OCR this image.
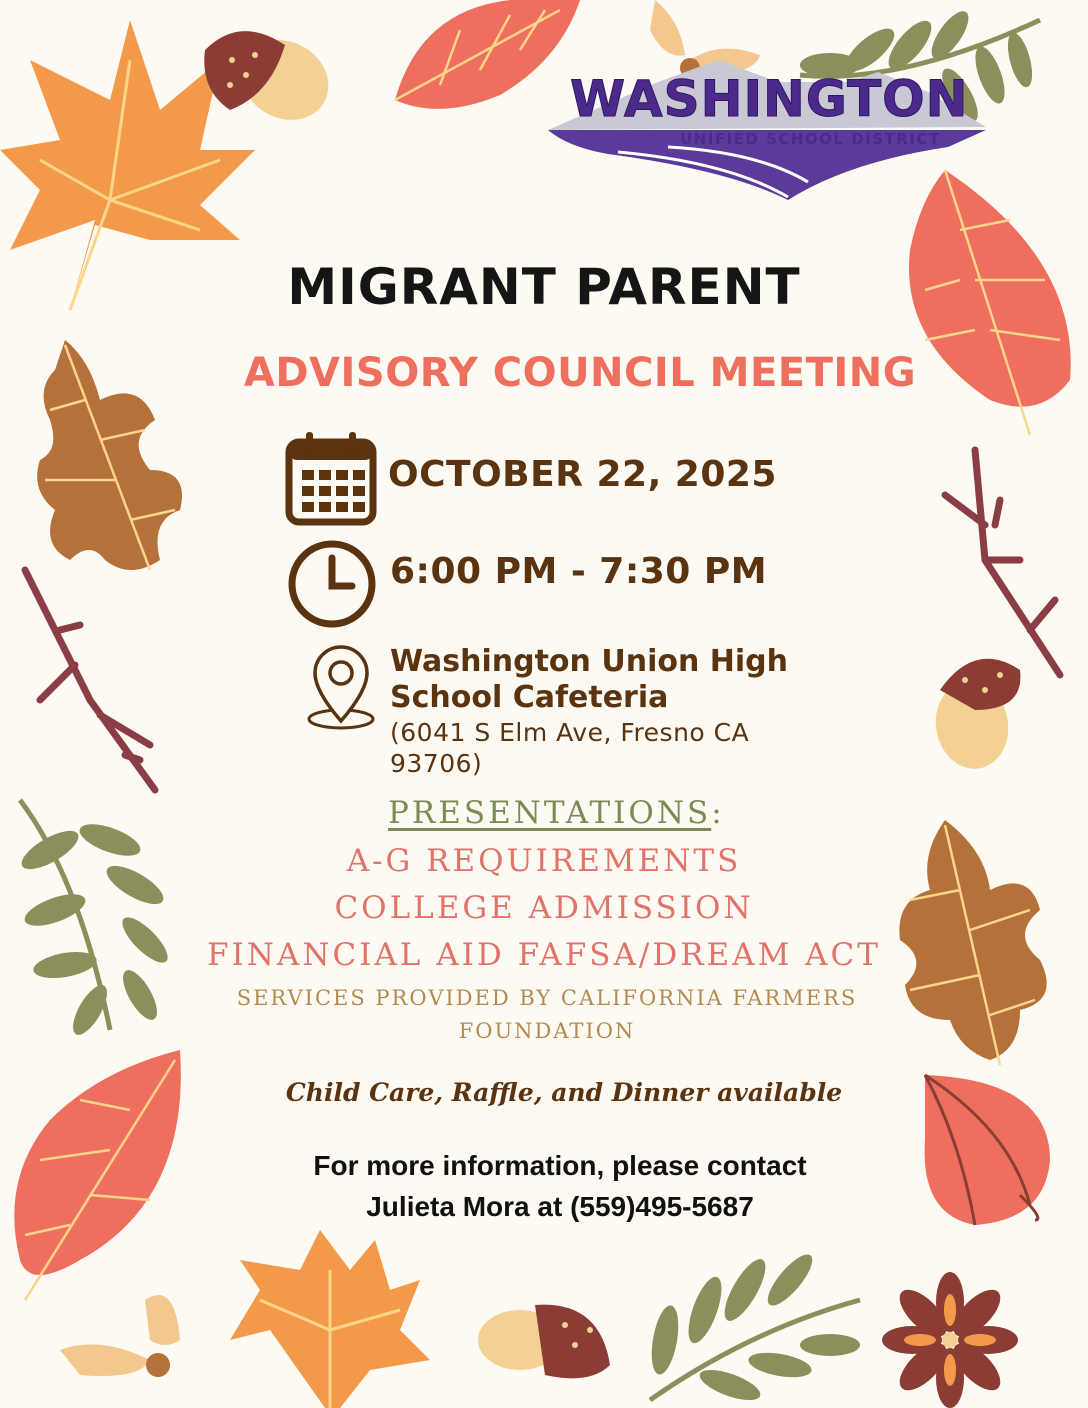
WASHINGTON
UNIFIED SCHOOL DISTRICT
MIGRANT PARENT
ADVISORY COUNCIL MEETING
OCTOBER 22, 2025
6:00 PM - 7:30 PM
Washington Union High School Cafeteria
(6041 S Elm Ave, Fresno CA 93706)
PRESENTATIONS:
A-G REQUIREMENTS
COLLEGE ADMISSION
FINANCIAL AID FAFSA/DREAM ACT
SERVICES PROVIDED BY CALIFORNIA FARMERS FOUNDATION
Child Care, Raffle, and Dinner available
For more information, please contact
Julieta Mora at (559)495-5687
